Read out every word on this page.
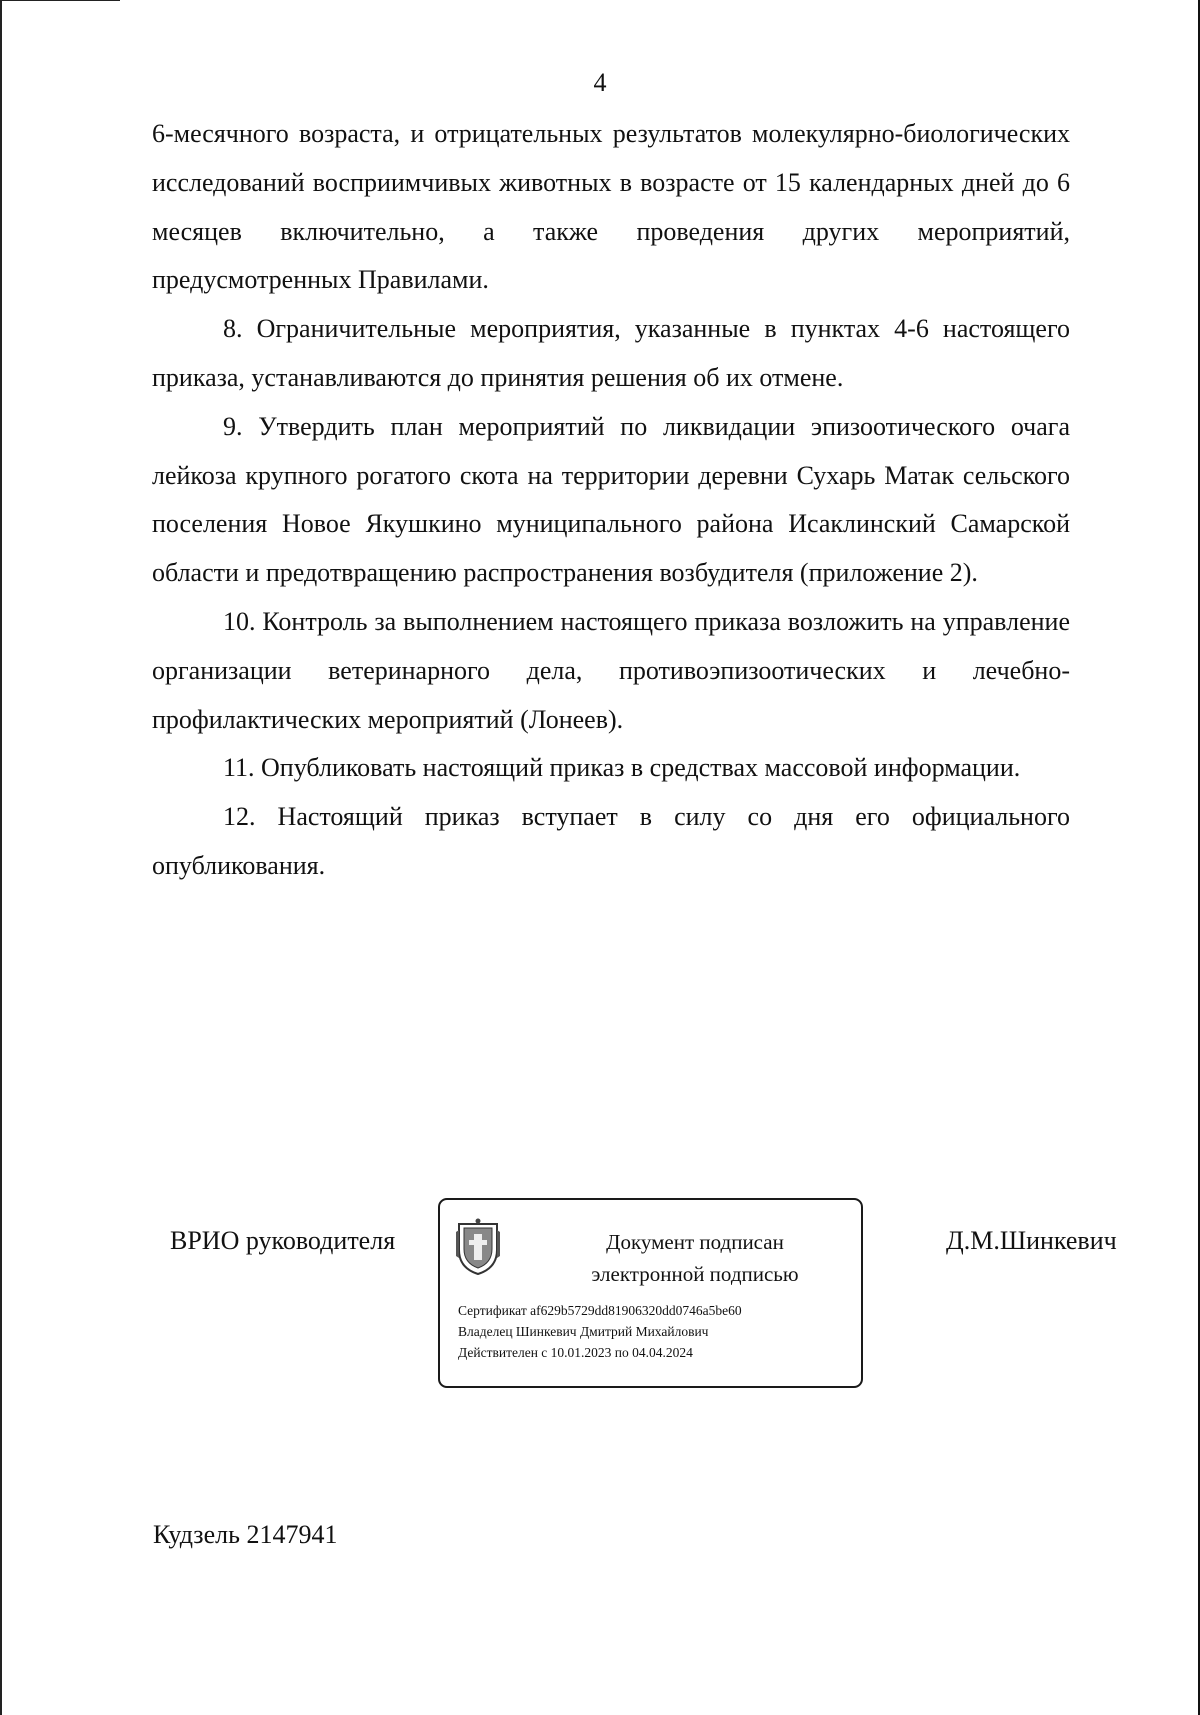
4

6-месячного возраста, и отрицательных результатов молекулярно-биологических исследований восприимчивых животных в возрасте от 15 календарных дней до 6 месяцев включительно, а также проведения других мероприятий, предусмотренных Правилами.

8. Ограничительные мероприятия, указанные в пунктах 4-6 настоящего приказа, устанавливаются до принятия решения об их отмене.

9. Утвердить план мероприятий по ликвидации эпизоотического очага лейкоза крупного рогатого скота на территории деревни Сухарь Матак сельского поселения Новое Якушкино муниципального района Исаклинский Самарской области и предотвращению распространения возбудителя (приложение 2).

10. Контроль за выполнением настоящего приказа возложить на управление организации ветеринарного дела, противоэпизоотических и лечебно-профилактических мероприятий (Лонеев).

11. Опубликовать настоящий приказ в средствах массовой информации.

12. Настоящий приказ вступает в силу со дня его официального опубликования.

ВРИО руководителя	Документ подписан
электронной подписью
Сертификат af629b5729dd81906320dd0746a5be60
Владелец Шинкевич Дмитрий Михайлович
Действителен с 10.01.2023 по 04.04.2024
Д.М.Шинкевич
Кудзель 2147941
